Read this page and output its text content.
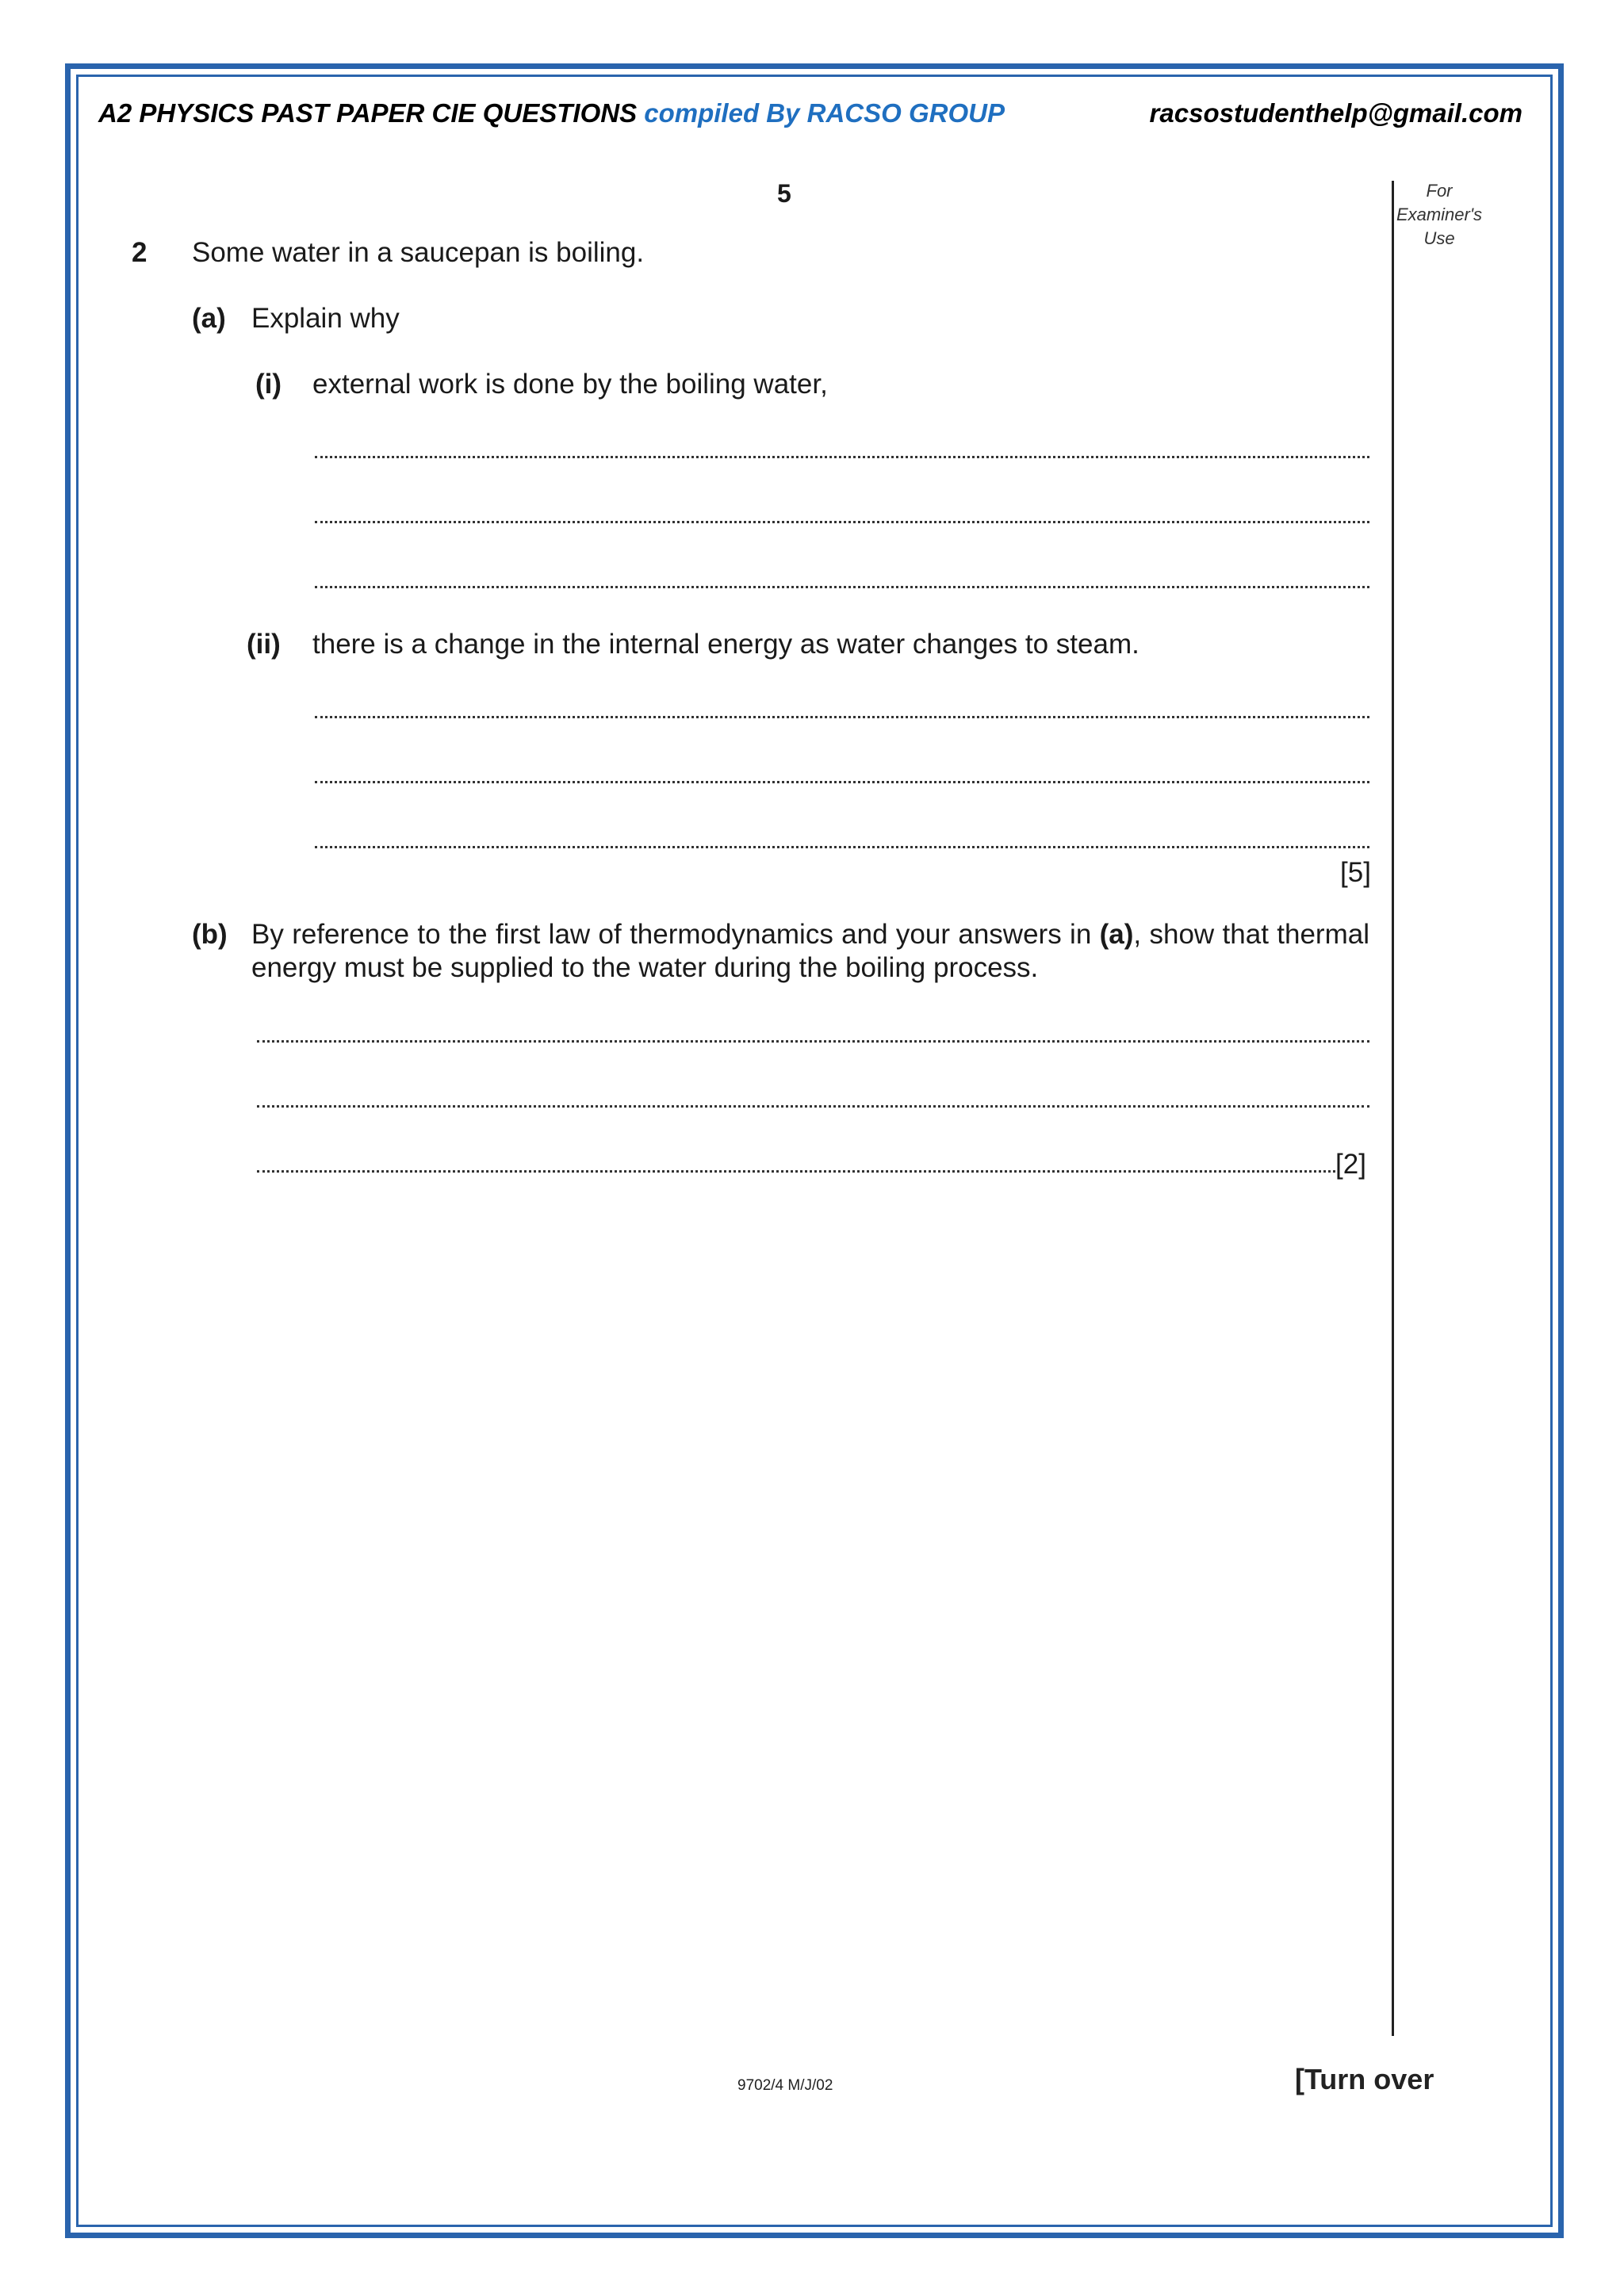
A2 PHYSICS PAST PAPER CIE QUESTIONS compiled By RACSO GROUP	racsostudenthelp@gmail.com
5	For
Examiner's
Use
2 Some water in a saucepan is boiling.
(a) Explain why
(i) external work is done by the boiling water,
(ii) there is a change in the internal energy as water changes to steam.
[5]
(b) By reference to the first law of thermodynamics and your answers in (a), show that thermal energy must be supplied to the water during the boiling process.
[2]
9702/4 M/J/02	[Turn over
